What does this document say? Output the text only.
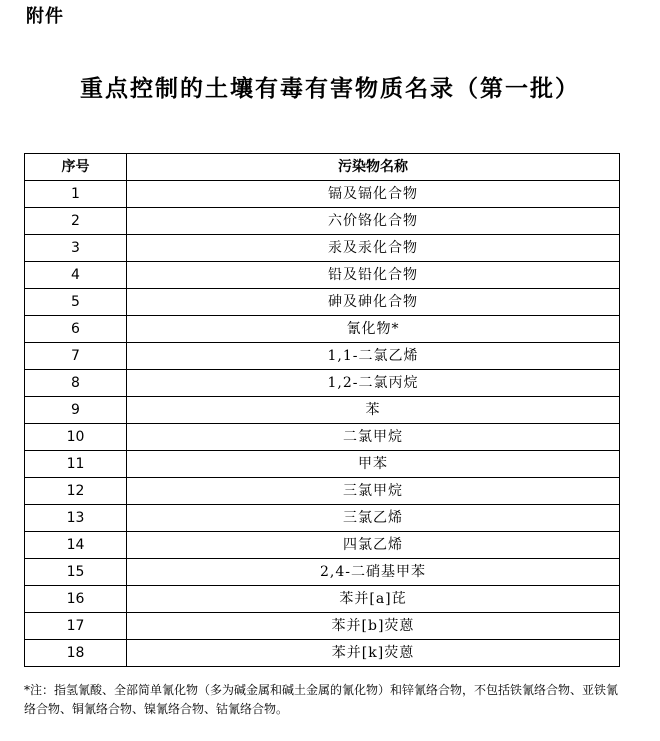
附件
重点控制的土壤有毒有害物质名录（第一批）
序号	污染物名称
1	镉及镉化合物
2	六价铬化合物
3	汞及汞化合物
4	铅及铅化合物
5	砷及砷化合物
6	氰化物*
7	1,1-二氯乙烯
8	1,2-二氯丙烷
9	苯
10	二氯甲烷
11	甲苯
12	三氯甲烷
13	三氯乙烯
14	四氯乙烯
15	2,4-二硝基甲苯
16	苯并[a]芘
17	苯并[b]荧蒽
18	苯并[k]荧蒽
*注：指氢氰酸、全部简单氰化物（多为碱金属和碱土金属的氰化物）和锌氰络合物，不包括铁氰络合物、亚铁氰络合物、铜氰络合物、镍氰络合物、钴氰络合物。
